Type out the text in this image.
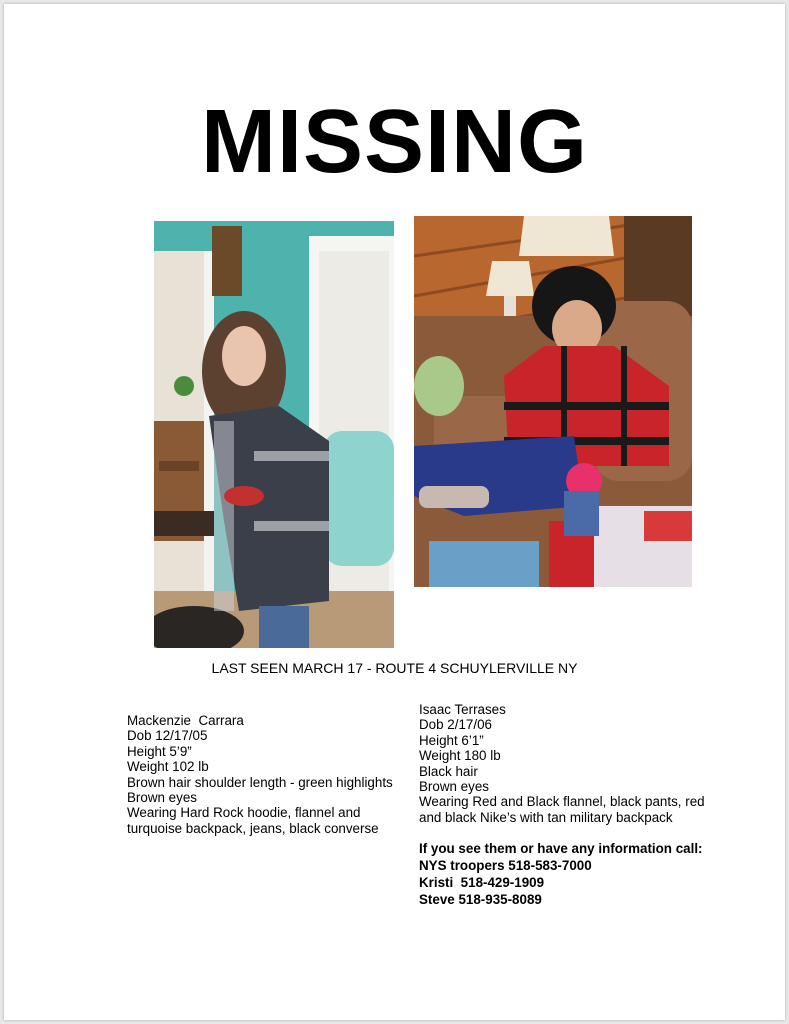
MISSING
LAST SEEN MARCH 17 - ROUTE 4 SCHUYLERVILLE NY
Mackenzie  Carrara
Dob 12/17/05
Height 5’9”
Weight 102 lb
Brown hair shoulder length - green highlights
Brown eyes
Wearing Hard Rock hoodie, flannel and turquoise backpack, jeans, black converse
Isaac Terrases
Dob 2/17/06
Height 6’1”
Weight 180 lb
Black hair
Brown eyes
Wearing Red and Black flannel, black pants, red and black Nike’s with tan military backpack
If you see them or have any information call:
NYS troopers 518-583-7000
Kristi  518-429-1909
Steve 518-935-8089
